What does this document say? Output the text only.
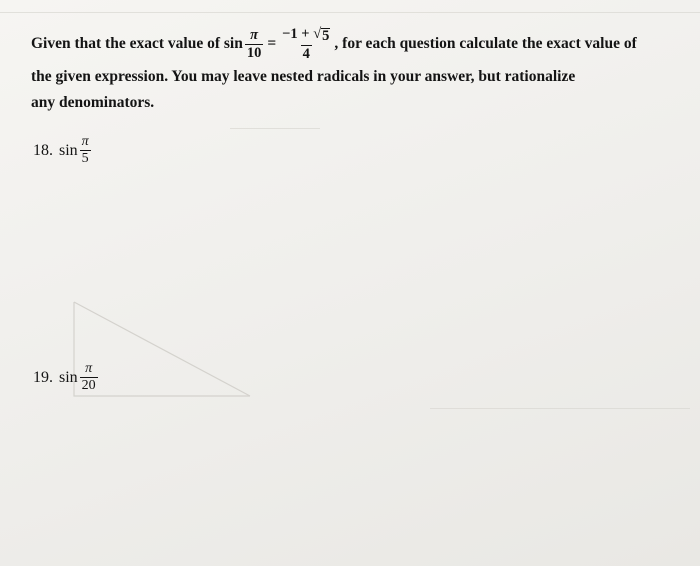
Given that the exact value of $\sin \frac{\pi}{10} = \frac{-1 + √ 5}{4}$ , for each question calculate the exact value of
the given expression. You may leave nested radicals in your answer, but rationalize
any denominators.
18. $\sin \frac{\pi}{5}$
19. $\sin \frac{\pi}{20}$
